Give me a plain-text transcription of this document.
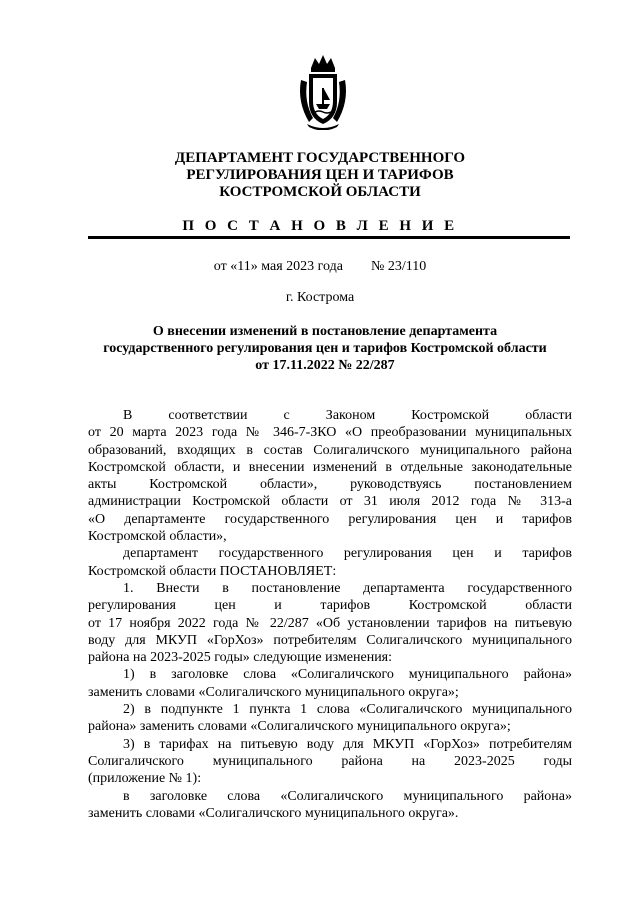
ДЕПАРТАМЕНТ ГОСУДАРСТВЕННОГО
РЕГУЛИРОВАНИЯ ЦЕН И ТАРИФОВ
КОСТРОМСКОЙ ОБЛАСТИ
П О С Т А Н О В Л Е Н И Е
от «11» мая 2023 года № 23/110
г. Кострома
О внесении изменений в постановление департамента
государственного регулирования цен и тарифов Костромской области
от 17.11.2022 № 22/287
В соответствии с Законом Костромской области
от 20 марта 2023 года № 346-7-ЗКО «О преобразовании муниципальных
образований, входящих в состав Солигаличского муниципального района
Костромской области, и внесении изменений в отдельные законодательные
акты Костромской области», руководствуясь постановлением
администрации Костромской области от 31 июля 2012 года № 313-а
«О департаменте государственного регулирования цен и тарифов
Костромской области»,
департамент государственного регулирования цен и тарифов
Костромской области ПОСТАНОВЛЯЕТ:
1. Внести в постановление департамента государственного
регулирования цен и тарифов Костромской области
от 17 ноября 2022 года № 22/287 «Об установлении тарифов на питьевую
воду для МКУП «ГорХоз» потребителям Солигаличского муниципального
района на 2023-2025 годы» следующие изменения:
1) в заголовке слова «Солигаличского муниципального района»
заменить словами «Солигаличского муниципального округа»;
2) в подпункте 1 пункта 1 слова «Солигаличского муниципального
района» заменить словами «Солигаличского муниципального округа»;
3) в тарифах на питьевую воду для МКУП «ГорХоз» потребителям
Солигаличского муниципального района на 2023-2025 годы
(приложение № 1):
в заголовке слова «Солигаличского муниципального района»
заменить словами «Солигаличского муниципального округа».
